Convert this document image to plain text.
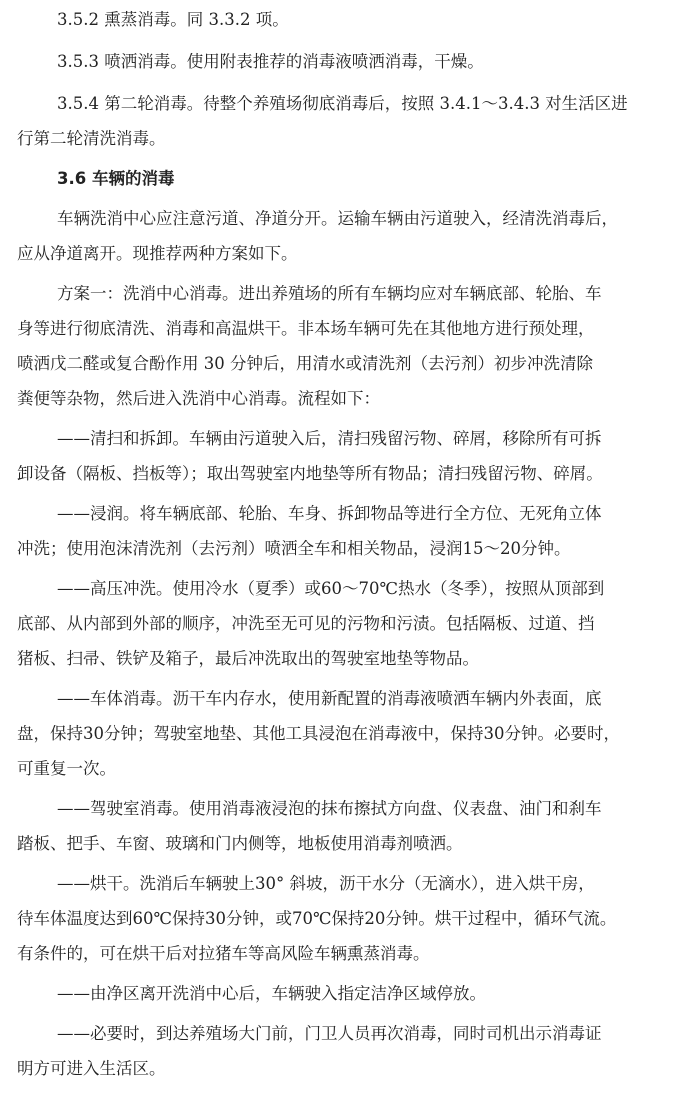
3.5.2 熏蒸消毒。同 3.3.2 项。
3.5.3 喷洒消毒。使用附表推荐的消毒液喷洒消毒，干燥。
3.5.4 第二轮消毒。待整个养殖场彻底消毒后，按照 3.4.1～3.4.3 对生活区进
行第二轮清洗消毒。
3.6 车辆的消毒
车辆洗消中心应注意污道、净道分开。运输车辆由污道驶入，经清洗消毒后，
应从净道离开。现推荐两种方案如下。
方案一：洗消中心消毒。进出养殖场的所有车辆均应对车辆底部、轮胎、车
身等进行彻底清洗、消毒和高温烘干。非本场车辆可先在其他地方进行预处理，
喷洒戊二醛或复合酚作用 30 分钟后，用清水或清洗剂（去污剂）初步冲洗清除
粪便等杂物，然后进入洗消中心消毒。流程如下：
——清扫和拆卸。车辆由污道驶入后，清扫残留污物、碎屑，移除所有可拆
卸设备（隔板、挡板等）；取出驾驶室内地垫等所有物品；清扫残留污物、碎屑。
——浸润。将车辆底部、轮胎、车身、拆卸物品等进行全方位、无死角立体
冲洗；使用泡沫清洗剂（去污剂）喷洒全车和相关物品，浸润15～20分钟。
——高压冲洗。使用冷水（夏季）或60～70℃热水（冬季），按照从顶部到
底部、从内部到外部的顺序，冲洗至无可见的污物和污渍。包括隔板、过道、挡
猪板、扫帚、铁铲及箱子，最后冲洗取出的驾驶室地垫等物品。
——车体消毒。沥干车内存水，使用新配置的消毒液喷洒车辆内外表面，底
盘，保持30分钟；驾驶室地垫、其他工具浸泡在消毒液中，保持30分钟。必要时，
可重复一次。
——驾驶室消毒。使用消毒液浸泡的抹布擦拭方向盘、仪表盘、油门和刹车
踏板、把手、车窗、玻璃和门内侧等，地板使用消毒剂喷洒。
——烘干。洗消后车辆驶上30° 斜坡，沥干水分（无滴水），进入烘干房，
待车体温度达到60℃保持30分钟，或70℃保持20分钟。烘干过程中，循环气流。
有条件的，可在烘干后对拉猪车等高风险车辆熏蒸消毒。
——由净区离开洗消中心后，车辆驶入指定洁净区域停放。
——必要时，到达养殖场大门前，门卫人员再次消毒，同时司机出示消毒证
明方可进入生活区。
